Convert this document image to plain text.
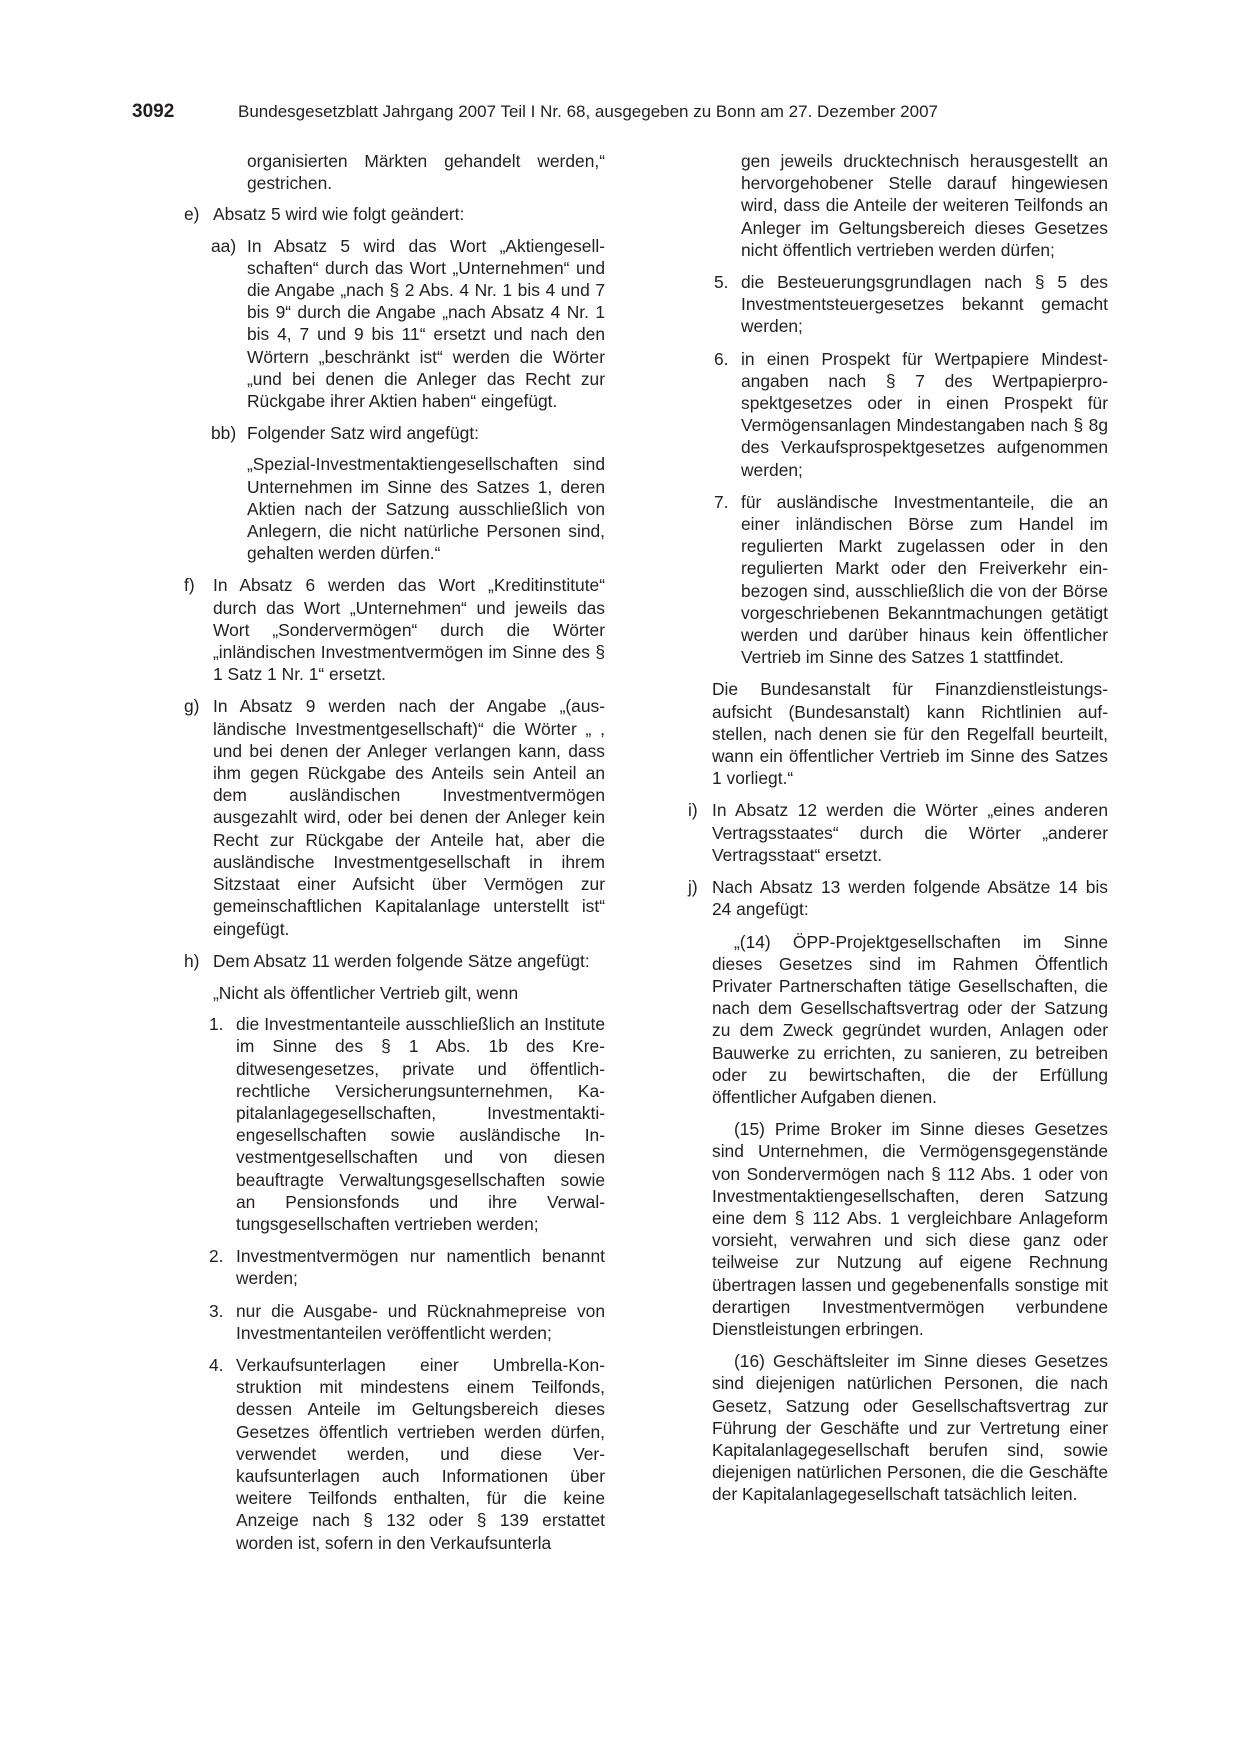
3092	Bundesgesetzblatt Jahrgang 2007 Teil I Nr. 68, ausgegeben zu Bonn am 27. Dezember 2007
organisierten Märkten gehandelt werden,“ gestrichen.
e) Absatz 5 wird wie folgt geändert:
aa) In Absatz 5 wird das Wort „Aktiengesellschaften“ durch das Wort „Unternehmen“ und die Angabe „nach § 2 Abs. 4 Nr. 1 bis 4 und 7 bis 9“ durch die Angabe „nach Absatz 4 Nr. 1 bis 4, 7 und 9 bis 11“ ersetzt und nach den Wörtern „beschränkt ist“ werden die Wörter „und bei denen die Anleger das Recht zur Rückgabe ihrer Aktien haben“ eingefügt.
bb) Folgender Satz wird angefügt:
„Spezial-Investmentaktiengesellschaften sind Unternehmen im Sinne des Satzes 1, deren Aktien nach der Satzung ausschließlich von Anlegern, die nicht natürliche Personen sind, gehalten werden dürfen.“
f) In Absatz 6 werden das Wort „Kreditinstitute“ durch das Wort „Unternehmen“ und jeweils das Wort „Sondervermögen“ durch die Wörter „inländischen Investmentvermögen im Sinne des § 1 Satz 1 Nr. 1“ ersetzt.
g) In Absatz 9 werden nach der Angabe „(ausländische Investmentgesellschaft)“ die Wörter „ , und bei denen der Anleger verlangen kann, dass ihm gegen Rückgabe des Anteils sein Anteil an dem ausländischen Investmentvermögen ausgezahlt wird, oder bei denen der Anleger kein Recht zur Rückgabe der Anteile hat, aber die ausländische Investmentgesellschaft in ihrem Sitzstaat einer Aufsicht über Vermögen zur gemeinschaftlichen Kapitalanlage unterstellt ist“ eingefügt.
h) Dem Absatz 11 werden folgende Sätze angefügt:
„Nicht als öffentlicher Vertrieb gilt, wenn
1. die Investmentanteile ausschließlich an Institute im Sinne des § 1 Abs. 1b des Kreditwesengesetzes, private und öffentlichrechtliche Versicherungsunternehmen, Kapitalanlagegesellschaften, Investmentaktiengesellschaften sowie ausländische Investmentgesellschaften und von diesen beauftragte Verwaltungsgesellschaften sowie an Pensionsfonds und ihre Verwaltungsgesellschaften vertrieben werden;
2. Investmentvermögen nur namentlich benannt werden;
3. nur die Ausgabe- und Rücknahmepreise von Investmentanteilen veröffentlicht werden;
4. Verkaufsunterlagen einer Umbrella-Konstruktion mit mindestens einem Teilfonds, dessen Anteile im Geltungsbereich dieses Gesetzes öffentlich vertrieben werden dürfen, verwendet werden, und diese Verkaufsunterlagen auch Informationen über weitere Teilfonds enthalten, für die keine Anzeige nach § 132 oder § 139 erstattet worden ist, sofern in den Verkaufsunterla
gen jeweils drucktechnisch herausgestellt an hervorgehobener Stelle darauf hingewiesen wird, dass die Anteile der weiteren Teilfonds an Anleger im Geltungsbereich dieses Gesetzes nicht öffentlich vertrieben werden dürfen;
5. die Besteuerungsgrundlagen nach § 5 des Investmentsteuergesetzes bekannt gemacht werden;
6. in einen Prospekt für Wertpapiere Mindestangaben nach § 7 des Wertpapierprospektgesetzes oder in einen Prospekt für Vermögensanlagen Mindestangaben nach § 8g des Verkaufsprospektgesetzes aufgenommen werden;
7. für ausländische Investmentanteile, die an einer inländischen Börse zum Handel im regulierten Markt zugelassen oder in den regulierten Markt oder den Freiverkehr einbezogen sind, ausschließlich die von der Börse vorgeschriebenen Bekanntmachungen getätigt werden und darüber hinaus kein öffentlicher Vertrieb im Sinne des Satzes 1 stattfindet.
Die Bundesanstalt für Finanzdienstleistungsaufsicht (Bundesanstalt) kann Richtlinien aufstellen, nach denen sie für den Regelfall beurteilt, wann ein öffentlicher Vertrieb im Sinne des Satzes 1 vorliegt.“
i) In Absatz 12 werden die Wörter „eines anderen Vertragsstaates“ durch die Wörter „anderer Vertragsstaat“ ersetzt.
j) Nach Absatz 13 werden folgende Absätze 14 bis 24 angefügt:
„(14) ÖPP-Projektgesellschaften im Sinne dieses Gesetzes sind im Rahmen Öffentlich Privater Partnerschaften tätige Gesellschaften, die nach dem Gesellschaftsvertrag oder der Satzung zu dem Zweck gegründet wurden, Anlagen oder Bauwerke zu errichten, zu sanieren, zu betreiben oder zu bewirtschaften, die der Erfüllung öffentlicher Aufgaben dienen.
(15) Prime Broker im Sinne dieses Gesetzes sind Unternehmen, die Vermögensgegenstände von Sondervermögen nach § 112 Abs. 1 oder von Investmentaktiengesellschaften, deren Satzung eine dem § 112 Abs. 1 vergleichbare Anlageform vorsieht, verwahren und sich diese ganz oder teilweise zur Nutzung auf eigene Rechnung übertragen lassen und gegebenenfalls sonstige mit derartigen Investmentvermögen verbundene Dienstleistungen erbringen.
(16) Geschäftsleiter im Sinne dieses Gesetzes sind diejenigen natürlichen Personen, die nach Gesetz, Satzung oder Gesellschaftsvertrag zur Führung der Geschäfte und zur Vertretung einer Kapitalanlagegesellschaft berufen sind, sowie diejenigen natürlichen Personen, die die Geschäfte der Kapitalanlagegesellschaft tatsächlich leiten.
